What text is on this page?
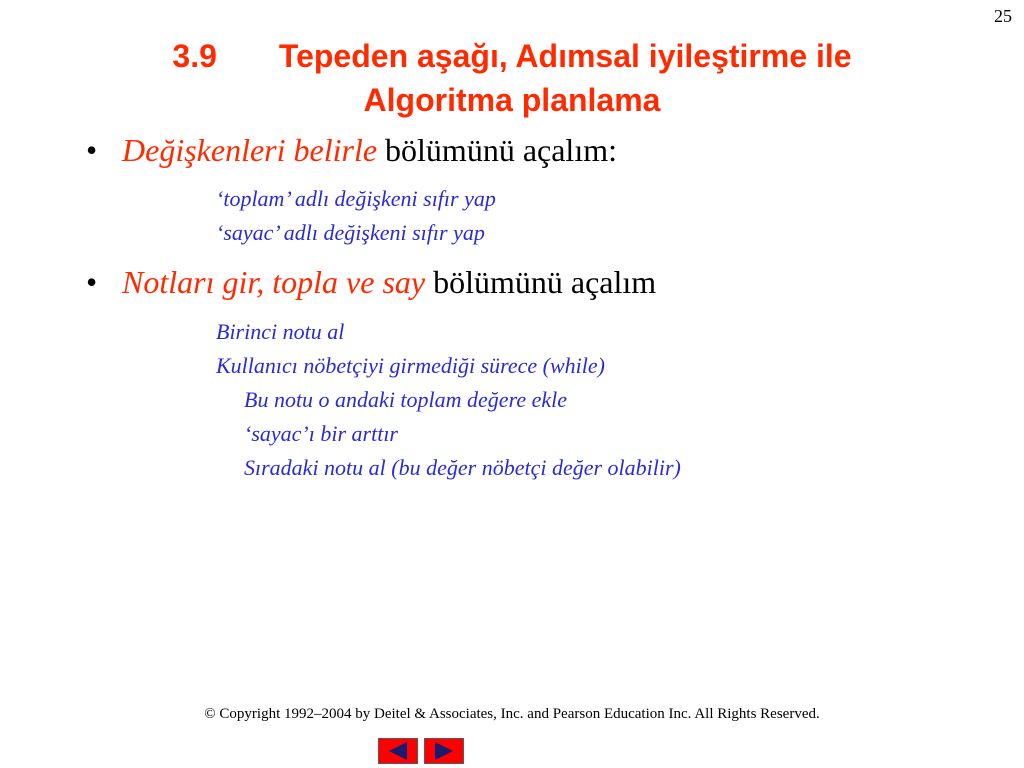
25
3.9 Tepeden aşağı, Adımsal iyileştirme ile
Algoritma planlama
• Değişkenleri belirle bölümünü açalım:
‘toplam’ adlı değişkeni sıfır yap
‘sayac’ adlı değişkeni sıfır yap
• Notları gir, topla ve say bölümünü açalım
Birinci notu al
Kullanıcı nöbetçiyi girmediği sürece (while)
Bu notu o andaki toplam değere ekle
‘sayac’ı bir arttır
Sıradaki notu al (bu değer nöbetçi değer olabilir)
© Copyright 1992–2004 by Deitel & Associates, Inc. and Pearson Education Inc. All Rights Reserved.
